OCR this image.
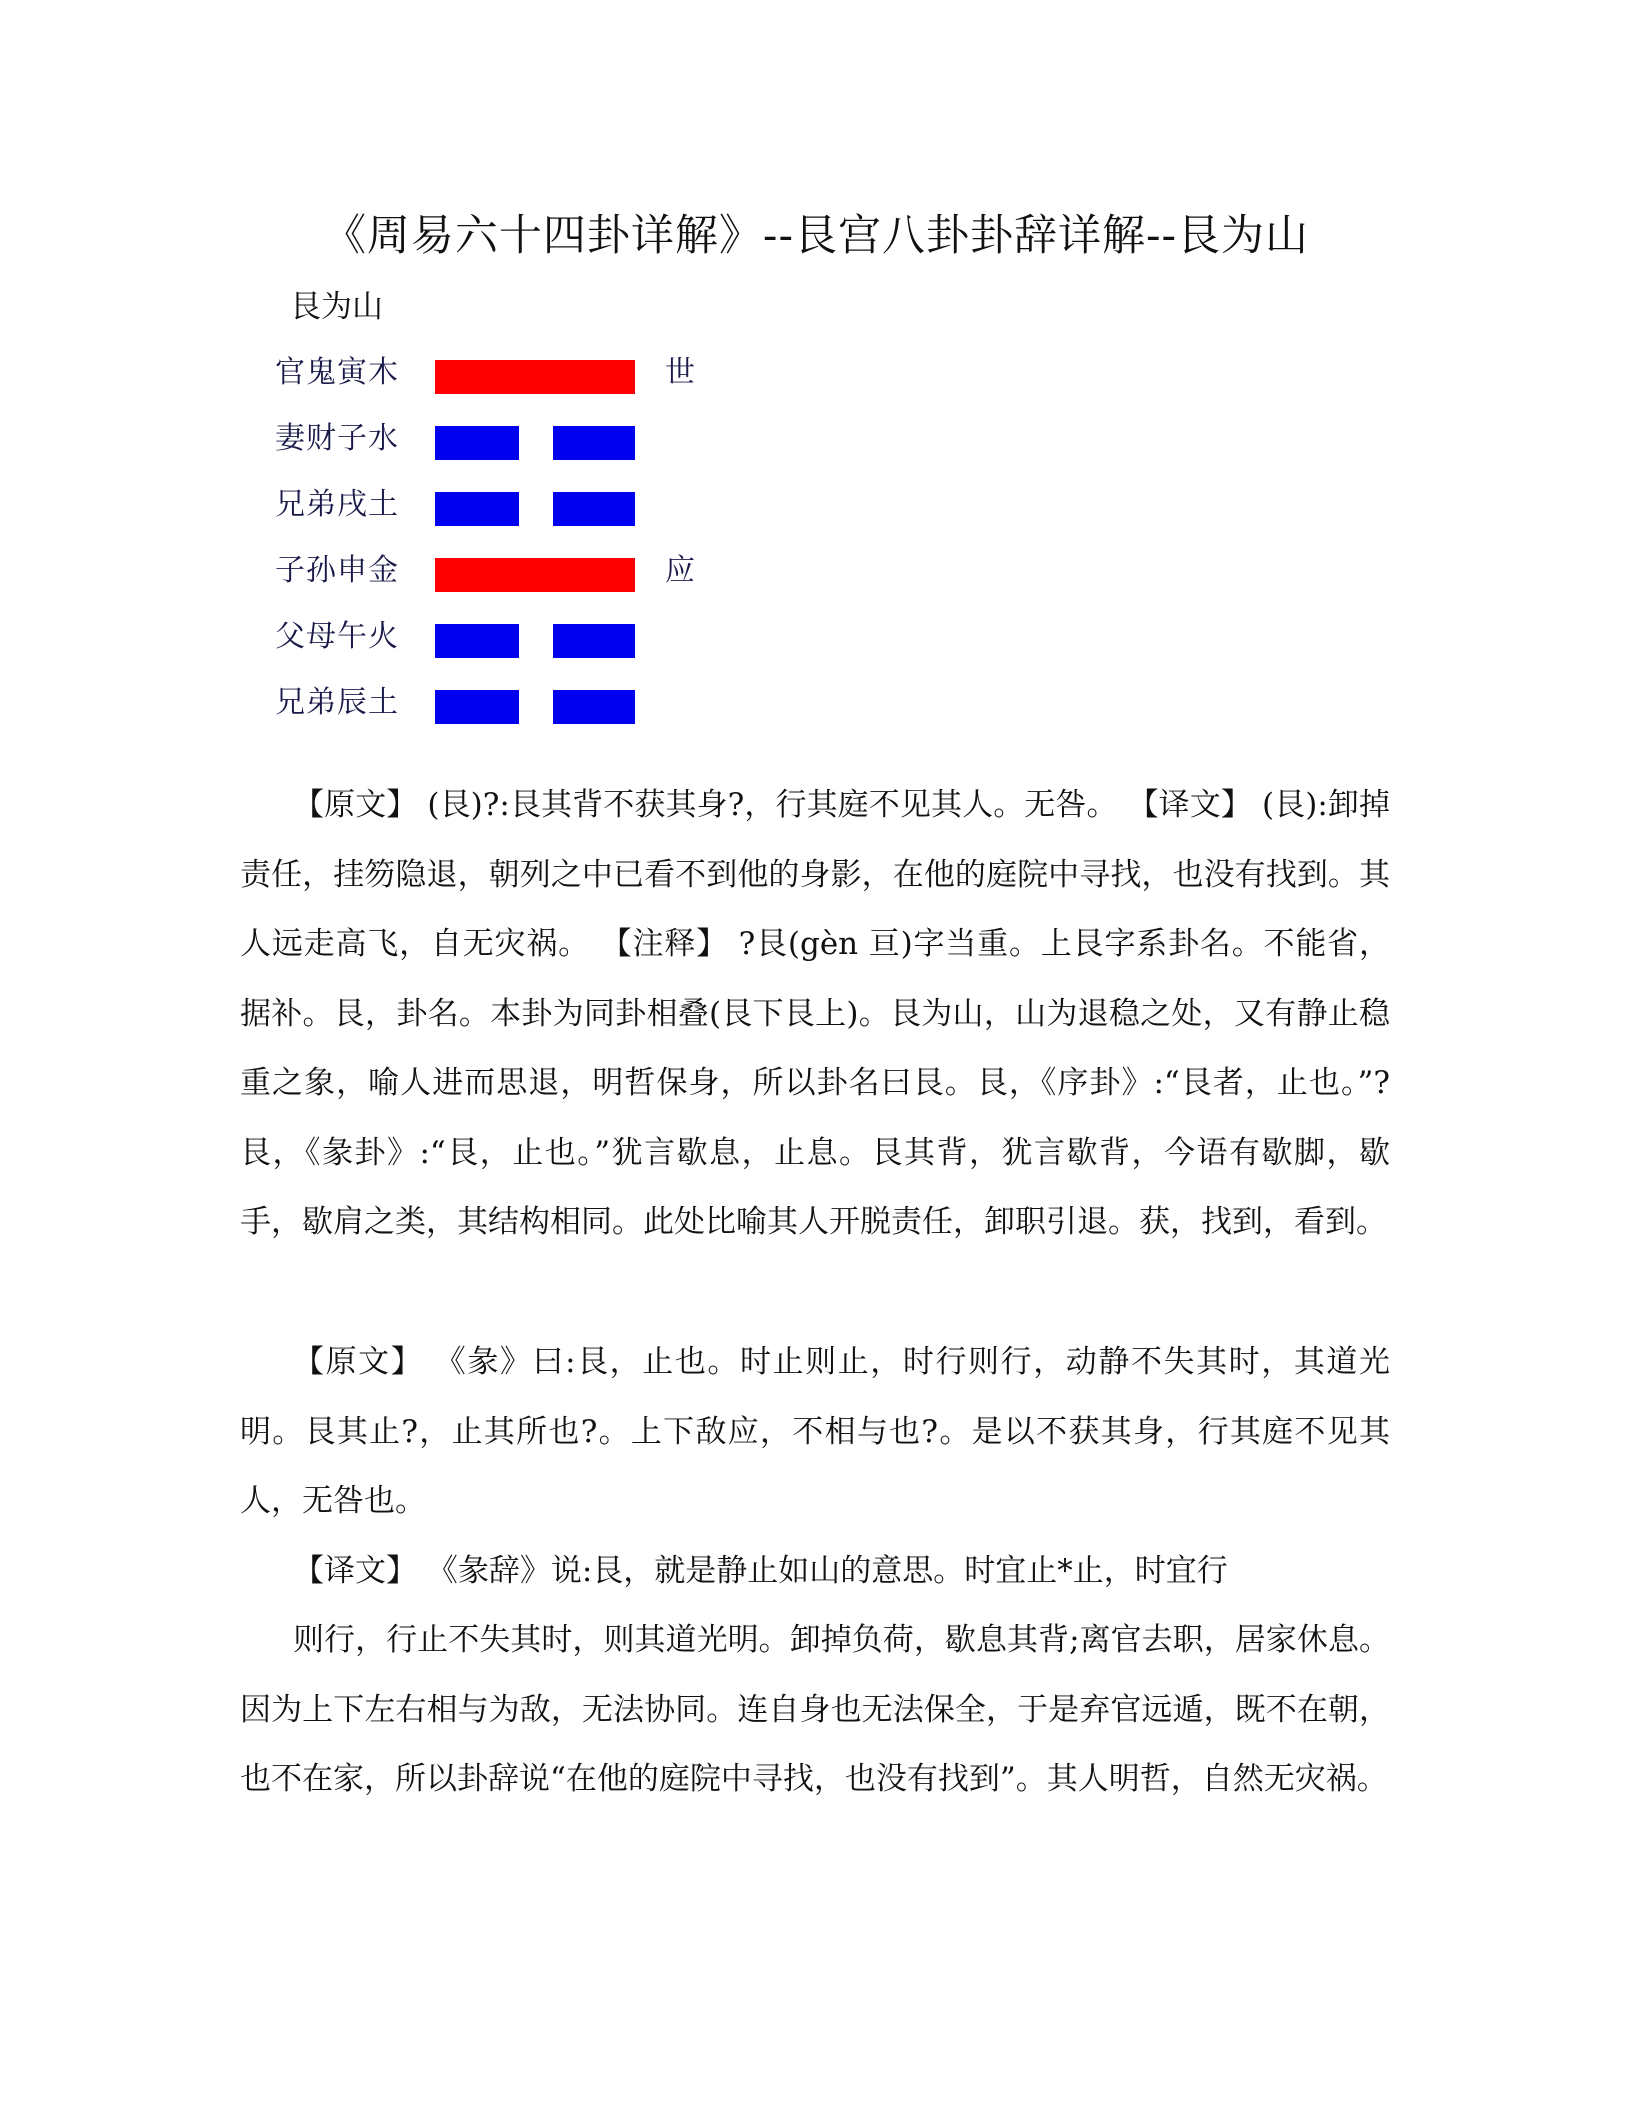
《周易六十四卦详解》--艮宫八卦卦辞详解--艮为山
艮为山
官鬼寅木	世
妻财子水
兄弟戌土
子孙申金	应
父母午火
兄弟辰土

【原文】 (艮)?:艮其背不获其身?，行其庭不见其人。无咎。 【译文】 (艮):卸掉责任，挂笏隐退，朝列之中已看不到他的身影，在他的庭院中寻找，也没有找到。其人远走高飞，自无灾祸。 【注释】 ?艮(gèn 亘)字当重。上艮字系卦名。不能省，据补。艮，卦名。本卦为同卦相叠(艮下艮上)。艮为山，山为退稳之处，又有静止稳重之象，喻人进而思退，明哲保身，所以卦名曰艮。艮，《序卦》:“艮者，止也。”?艮，《彖卦》:“艮，止也。”犹言歇息，止息。艮其背，犹言歇背，今语有歇脚，歇手，歇肩之类，其结构相同。此处比喻其人开脱责任，卸职引退。获，找到，看到。

【原文】 《彖》曰:艮，止也。时止则止，时行则行，动静不失其时，其道光明。艮其止?，止其所也?。上下敌应，不相与也?。是以不获其身，行其庭不见其人，无咎也。

【译文】 《彖辞》说:艮，就是静止如山的意思。时宜止*止，时宜行

则行，行止不失其时，则其道光明。卸掉负荷，歇息其背;离官去职，居家休息。因为上下左右相与为敌，无法协同。连自身也无法保全，于是弃官远遁，既不在朝，也不在家，所以卦辞说“在他的庭院中寻找，也没有找到”。其人明哲，自然无灾祸。
